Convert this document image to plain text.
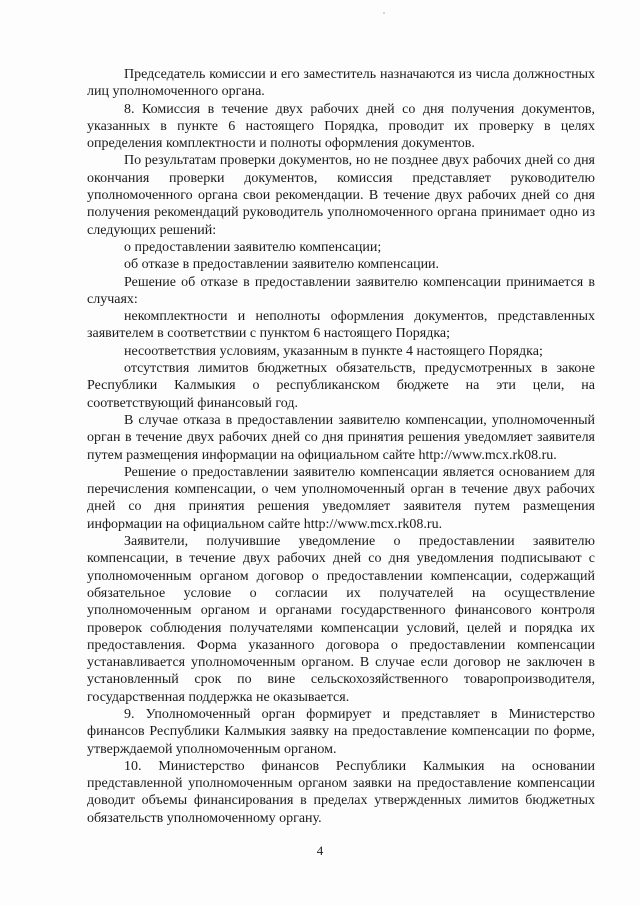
Председатель комиссии и его заместитель назначаются из числа должностных лиц уполномоченного органа.

8. Комиссия в течение двух рабочих дней со дня получения документов, указанных в пункте 6 настоящего Порядка, проводит их проверку в целях определения комплектности и полноты оформления документов.

По результатам проверки документов, но не позднее двух рабочих дней со дня окончания проверки документов, комиссия представляет руководителю уполномоченного органа свои рекомендации. В течение двух рабочих дней со дня получения рекомендаций руководитель уполномоченного органа принимает одно из следующих решений:

о предоставлении заявителю компенсации;

об отказе в предоставлении заявителю компенсации.

Решение об отказе в предоставлении заявителю компенсации принимается в случаях:

некомплектности и неполноты оформления документов, представленных заявителем в соответствии с пунктом 6 настоящего Порядка;

несоответствия условиям, указанным в пункте 4 настоящего Порядка;

отсутствия лимитов бюджетных обязательств, предусмотренных в законе Республики Калмыкия о республиканском бюджете на эти цели, на соответствующий финансовый год.

В случае отказа в предоставлении заявителю компенсации, уполномоченный орган в течение двух рабочих дней со дня принятия решения уведомляет заявителя путем размещения информации на официальном сайте http://www.mcx.rk08.ru.

Решение о предоставлении заявителю компенсации является основанием для перечисления компенсации, о чем уполномоченный орган в течение двух рабочих дней со дня принятия решения уведомляет заявителя путем размещения информации на официальном сайте http://www.mcx.rk08.ru.

Заявители, получившие уведомление о предоставлении заявителю компенсации, в течение двух рабочих дней со дня уведомления подписывают с уполномоченным органом договор о предоставлении компенсации, содержащий обязательное условие о согласии их получателей на осуществление уполномоченным органом и органами государственного финансового контроля проверок соблюдения получателями компенсации условий, целей и порядка их предоставления. Форма указанного договора о предоставлении компенсации устанавливается уполномоченным органом. В случае если договор не заключен в установленный срок по вине сельскохозяйственного товаропроизводителя, государственная поддержка не оказывается.

9. Уполномоченный орган формирует и представляет в Министерство финансов Республики Калмыкия заявку на предоставление компенсации по форме, утверждаемой уполномоченным органом.

10. Министерство финансов Республики Калмыкия на основании представленной уполномоченным органом заявки на предоставление компенсации доводит объемы финансирования в пределах утвержденных лимитов бюджетных обязательств уполномоченному органу.

4
